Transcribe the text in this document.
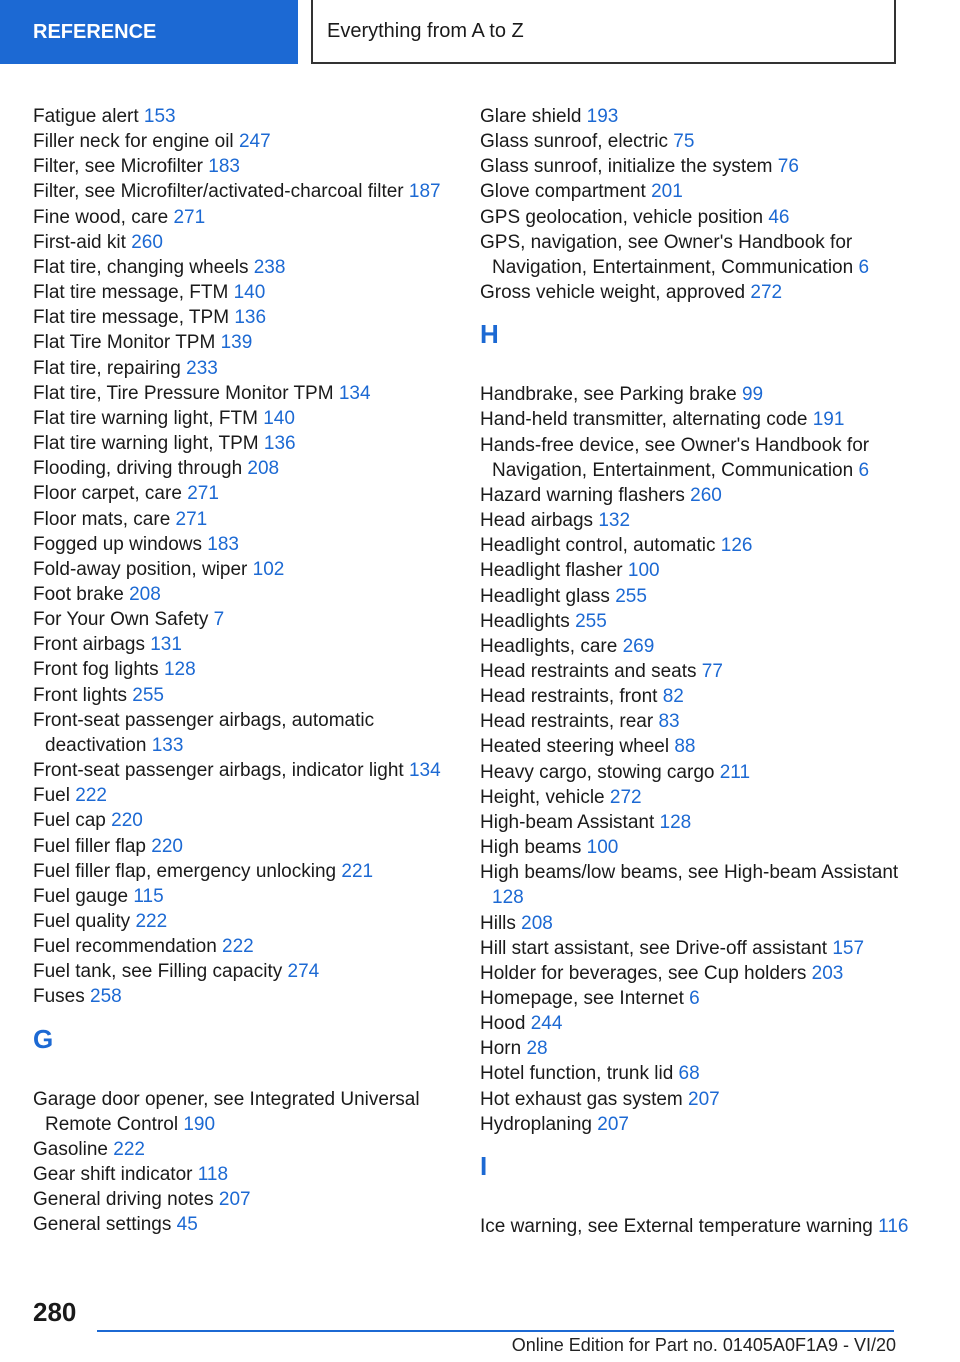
REFERENCE	Everything from A to Z
Fatigue alert 153
Filler neck for engine oil 247
Filter, see Microfilter 183
Filter, see Microfilter/activated-charcoal filter 187
Fine wood, care 271
First-aid kit 260
Flat tire, changing wheels 238
Flat tire message, FTM 140
Flat tire message, TPM 136
Flat Tire Monitor TPM 139
Flat tire, repairing 233
Flat tire, Tire Pressure Monitor TPM 134
Flat tire warning light, FTM 140
Flat tire warning light, TPM 136
Flooding, driving through 208
Floor carpet, care 271
Floor mats, care 271
Fogged up windows 183
Fold-away position, wiper 102
Foot brake 208
For Your Own Safety 7
Front airbags 131
Front fog lights 128
Front lights 255
Front-seat passenger airbags, automatic deactivation 133
Front-seat passenger airbags, indicator light 134
Fuel 222
Fuel cap 220
Fuel filler flap 220
Fuel filler flap, emergency unlocking 221
Fuel gauge 115
Fuel quality 222
Fuel recommendation 222
Fuel tank, see Filling capacity 274
Fuses 258
G
Garage door opener, see Integrated Universal Remote Control 190
Gasoline 222
Gear shift indicator 118
General driving notes 207
General settings 45
Glare shield 193
Glass sunroof, electric 75
Glass sunroof, initialize the system 76
Glove compartment 201
GPS geolocation, vehicle position 46
GPS, navigation, see Owner's Handbook for Navigation, Entertainment, Communication 6
Gross vehicle weight, approved 272
H
Handbrake, see Parking brake 99
Hand-held transmitter, alternating code 191
Hands-free device, see Owner's Handbook for Navigation, Entertainment, Communication 6
Hazard warning flashers 260
Head airbags 132
Headlight control, automatic 126
Headlight flasher 100
Headlight glass 255
Headlights 255
Headlights, care 269
Head restraints and seats 77
Head restraints, front 82
Head restraints, rear 83
Heated steering wheel 88
Heavy cargo, stowing cargo 211
Height, vehicle 272
High-beam Assistant 128
High beams 100
High beams/low beams, see High-beam Assistant 128
Hills 208
Hill start assistant, see Drive-off assistant 157
Holder for beverages, see Cup holders 203
Homepage, see Internet 6
Hood 244
Horn 28
Hotel function, trunk lid 68
Hot exhaust gas system 207
Hydroplaning 207
I
Ice warning, see External temperature warning 116
280
Online Edition for Part no. 01405A0F1A9 - VI/20
